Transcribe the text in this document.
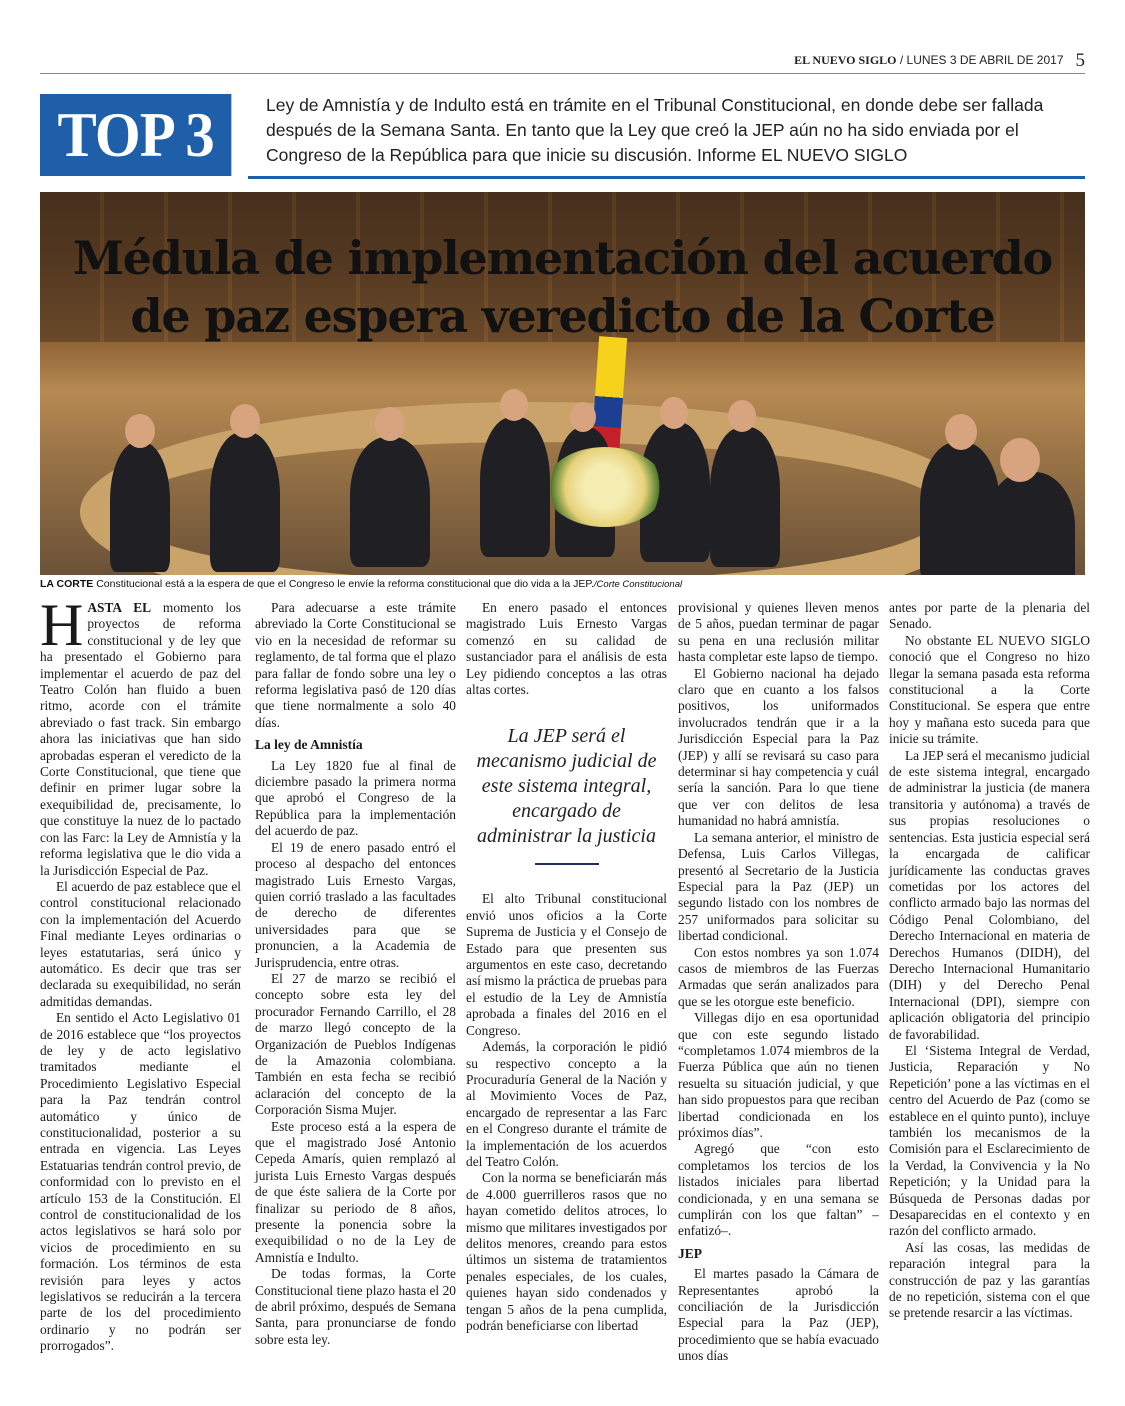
EL NUEVO SIGLO / LUNES 3 DE ABRIL DE 2017 5
TOP 3	Ley de Amnistía y de Indulto está en trámite en el Tribunal Constitucional, en donde debe ser fallada después de la Semana Santa. En tanto que la Ley que creó la JEP aún no ha sido enviada por el Congreso de la República para que inicie su discusión. Informe EL NUEVO SIGLO
Médula de implementación del acuerdo de paz espera veredicto de la Corte
LA CORTE Constitucional está a la espera de que el Congreso le envíe la reforma constitucional que dio vida a la JEP./Corte Constitucional

HASTA EL momento los proyectos de reforma constitucional y de ley que ha presentado el Gobierno para implementar el acuerdo de paz del Teatro Colón han fluido a buen ritmo, acorde con el trámite abreviado o fast track. Sin embargo ahora las iniciativas que han sido aprobadas esperan el veredicto de la Corte Constitucional, que tiene que definir en primer lugar sobre la exequibilidad de, precisamente, lo que constituye la nuez de lo pactado con las Farc: la Ley de Amnistía y la reforma legislativa que le dio vida a la Jurisdicción Especial de Paz.

El acuerdo de paz establece que el control constitucional relacionado con la implementación del Acuerdo Final mediante Leyes ordinarias o leyes estatutarias, será único y automático. Es decir que tras ser declarada su exequibilidad, no serán admitidas demandas.

En sentido el Acto Legislativo 01 de 2016 establece que “los proyectos de ley y de acto legislativo tramitados mediante el Procedimiento Legislativo Especial para la Paz tendrán control automático y único de constitucionalidad, posterior a su entrada en vigencia. Las Leyes Estatuarias tendrán control previo, de conformidad con lo previsto en el artículo 153 de la Constitución. El control de constitucionalidad de los actos legislativos se hará solo por vicios de procedimiento en su formación. Los términos de esta revisión para leyes y actos legislativos se reducirán a la tercera parte de los del procedimiento ordinario y no podrán ser prorrogados”.

Para adecuarse a este trámite abreviado la Corte Constitucional se vio en la necesidad de reformar su reglamento, de tal forma que el plazo para fallar de fondo sobre una ley o reforma legislativa pasó de 120 días que tiene normalmente a solo 40 días.

La ley de Amnistía

La Ley 1820 fue al final de diciembre pasado la primera norma que aprobó el Congreso de la República para la implementación del acuerdo de paz.

El 19 de enero pasado entró el proceso al despacho del entonces magistrado Luis Ernesto Vargas, quien corrió traslado a las facultades de derecho de diferentes universidades para que se pronuncien, a la Academia de Jurisprudencia, entre otras.

El 27 de marzo se recibió el concepto sobre esta ley del procurador Fernando Carrillo, el 28 de marzo llegó concepto de la Organización de Pueblos Indígenas de la Amazonia colombiana. También en esta fecha se recibió aclaración del concepto de la Corporación Sisma Mujer.

Este proceso está a la espera de que el magistrado José Antonio Cepeda Amarís, quien remplazó al jurista Luis Ernesto Vargas después de que éste saliera de la Corte por finalizar su periodo de 8 años, presente la ponencia sobre la exequibilidad o no de la Ley de Amnistía e Indulto.

De todas formas, la Corte Constitucional tiene plazo hasta el 20 de abril próximo, después de Semana Santa, para pronunciarse de fondo sobre esta ley.

En enero pasado el entonces magistrado Luis Ernesto Vargas comenzó en su calidad de sustanciador para el análisis de esta Ley pidiendo conceptos a las otras altas cortes.

La JEP será el mecanismo judicial de este sistema integral, encargado de administrar la justicia

El alto Tribunal constitucional envió unos oficios a la Corte Suprema de Justicia y el Consejo de Estado para que presenten sus argumentos en este caso, decretando así mismo la práctica de pruebas para el estudio de la Ley de Amnistía aprobada a finales del 2016 en el Congreso.

Además, la corporación le pidió su respectivo concepto a la Procuraduría General de la Nación y al Movimiento Voces de Paz, encargado de representar a las Farc en el Congreso durante el trámite de la implementación de los acuerdos del Teatro Colón.

Con la norma se beneficiarán más de 4.000 guerrilleros rasos que no hayan cometido delitos atroces, lo mismo que militares investigados por delitos menores, creando para estos últimos un sistema de tratamientos penales especiales, de los cuales, quienes hayan sido condenados y tengan 5 años de la pena cumplida, podrán beneficiarse con libertad

provisional y quienes lleven menos de 5 años, puedan terminar de pagar su pena en una reclusión militar hasta completar este lapso de tiempo.

El Gobierno nacional ha dejado claro que en cuanto a los falsos positivos, los uniformados involucrados tendrán que ir a la Jurisdicción Especial para la Paz (JEP) y allí se revisará su caso para determinar si hay competencia y cuál sería la sanción. Para lo que tiene que ver con delitos de lesa humanidad no habrá amnistía.

La semana anterior, el ministro de Defensa, Luis Carlos Villegas, presentó al Secretario de la Justicia Especial para la Paz (JEP) un segundo listado con los nombres de 257 uniformados para solicitar su libertad condicional.

Con estos nombres ya son 1.074 casos de miembros de las Fuerzas Armadas que serán analizados para que se les otorgue este beneficio.

Villegas dijo en esa oportunidad que con este segundo listado “completamos 1.074 miembros de la Fuerza Pública que aún no tienen resuelta su situación judicial, y que han sido propuestos para que reciban libertad condicionada en los próximos días”.

Agregó que “con esto completamos los tercios de los listados iniciales para libertad condicionada, y en una semana se cumplirán con los que faltan” –enfatizó–.

JEP

El martes pasado la Cámara de Representantes aprobó la conciliación de la Jurisdicción Especial para la Paz (JEP), procedimiento que se había evacuado unos días

antes por parte de la plenaria del Senado.

No obstante EL NUEVO SIGLO conoció que el Congreso no hizo llegar la semana pasada esta reforma constitucional a la Corte Constitucional. Se espera que entre hoy y mañana esto suceda para que inicie su trámite.

La JEP será el mecanismo judicial de este sistema integral, encargado de administrar la justicia (de manera transitoria y autónoma) a través de sus propias resoluciones o sentencias. Esta justicia especial será la encargada de calificar jurídicamente las conductas graves cometidas por los actores del conflicto armado bajo las normas del Código Penal Colombiano, del Derecho Internacional en materia de Derechos Humanos (DIDH), del Derecho Internacional Humanitario (DIH) y del Derecho Penal Internacional (DPI), siempre con aplicación obligatoria del principio de favorabilidad.

El ‘Sistema Integral de Verdad, Justicia, Reparación y No Repetición’ pone a las víctimas en el centro del Acuerdo de Paz (como se establece en el quinto punto), incluye también los mecanismos de la Comisión para el Esclarecimiento de la Verdad, la Convivencia y la No Repetición; y la Unidad para la Búsqueda de Personas dadas por Desaparecidas en el contexto y en razón del conflicto armado.

Así las cosas, las medidas de reparación integral para la construcción de paz y las garantías de no repetición, sistema con el que se pretende resarcir a las víctimas.
